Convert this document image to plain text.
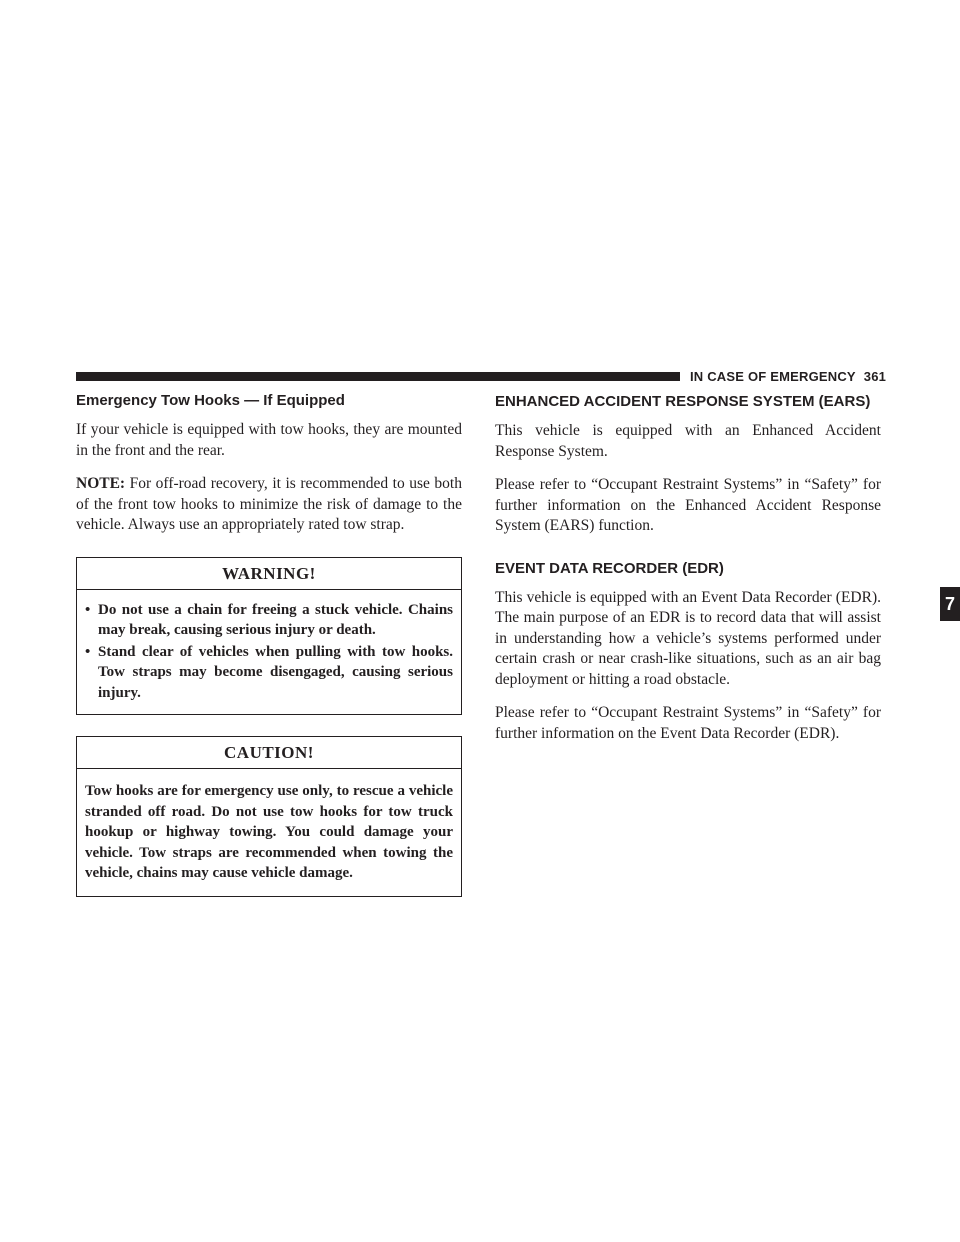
IN CASE OF EMERGENCY 361
7
Emergency Tow Hooks — If Equipped

If your vehicle is equipped with tow hooks, they are mounted in the front and the rear.

NOTE: For off-road recovery, it is recommended to use both of the front tow hooks to minimize the risk of damage to the vehicle. Always use an appropriately rated tow strap.

WARNING!
• Do not use a chain for freeing a stuck vehicle. Chains may break, causing serious injury or death.
• Stand clear of vehicles when pulling with tow hooks. Tow straps may become disengaged, causing serious injury.
CAUTION!

Tow hooks are for emergency use only, to rescue a vehicle stranded off road. Do not use tow hooks for tow truck hookup or highway towing. You could damage your vehicle. Tow straps are recommended when towing the vehicle, chains may cause vehicle damage.

ENHANCED ACCIDENT RESPONSE SYSTEM (EARS)

This vehicle is equipped with an Enhanced Accident Response System.

Please refer to “Occupant Restraint Systems” in “Safety” for further information on the Enhanced Accident Response System (EARS) function.

EVENT DATA RECORDER (EDR)

This vehicle is equipped with an Event Data Recorder (EDR). The main purpose of an EDR is to record data that will assist in understanding how a vehicle’s systems performed under certain crash or near crash-like situations, such as an air bag deployment or hitting a road obstacle.

Please refer to “Occupant Restraint Systems” in “Safety” for further information on the Event Data Recorder (EDR).
